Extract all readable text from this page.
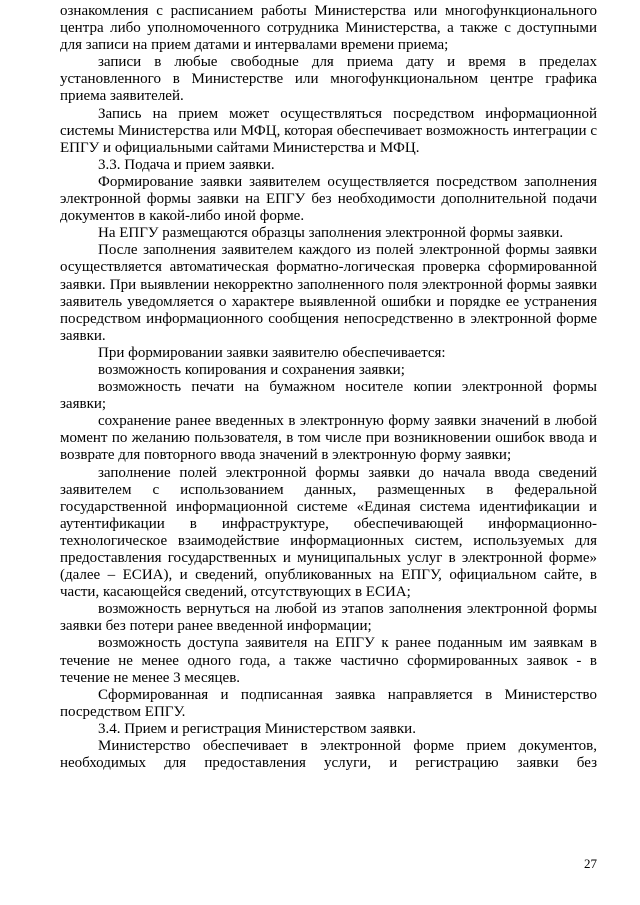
ознакомления с расписанием работы Министерства или многофункционального центра либо уполномоченного сотрудника Министерства, а также с доступными для записи на прием датами и интервалами времени приема;

записи в любые свободные для приема дату и время в пределах установленного в Министерстве или многофункциональном центре графика приема заявителей.

Запись на прием может осуществляться посредством информационной системы Министерства или МФЦ, которая обеспечивает возможность интеграции с ЕПГУ и официальными сайтами Министерства и МФЦ.

3.3. Подача и прием заявки.

Формирование заявки заявителем осуществляется посредством заполнения электронной формы заявки на ЕПГУ без необходимости дополнительной подачи документов в какой-либо иной форме.

На ЕПГУ размещаются образцы заполнения электронной формы заявки.

После заполнения заявителем каждого из полей электронной формы заявки осуществляется автоматическая форматно-логическая проверка сформированной заявки. При выявлении некорректно заполненного поля электронной формы заявки заявитель уведомляется о характере выявленной ошибки и порядке ее устранения посредством информационного сообщения непосредственно в электронной форме заявки.

При формировании заявки заявителю обеспечивается:

возможность копирования и сохранения заявки;

возможность печати на бумажном носителе копии электронной формы заявки;

сохранение ранее введенных в электронную форму заявки значений в любой момент по желанию пользователя, в том числе при возникновении ошибок ввода и возврате для повторного ввода значений в электронную форму заявки;

заполнение полей электронной формы заявки до начала ввода сведений заявителем с использованием данных, размещенных в федеральной государственной информационной системе «Единая система идентификации и аутентификации в инфраструктуре, обеспечивающей информационно-технологическое взаимодействие информационных систем, используемых для предоставления государственных и муниципальных услуг в электронной форме» (далее – ЕСИА), и сведений, опубликованных на ЕПГУ, официальном сайте, в части, касающейся сведений, отсутствующих в ЕСИА;

возможность вернуться на любой из этапов заполнения электронной формы заявки без потери ранее введенной информации;

возможность доступа заявителя на ЕПГУ к ранее поданным им заявкам в течение не менее одного года, а также частично сформированных заявок - в течение не менее 3 месяцев.

Сформированная и подписанная заявка направляется в Министерство посредством ЕПГУ.

3.4. Прием и регистрация Министерством заявки.

Министерство обеспечивает в электронной форме прием документов, необходимых для предоставления услуги, и регистрацию заявки без

27
